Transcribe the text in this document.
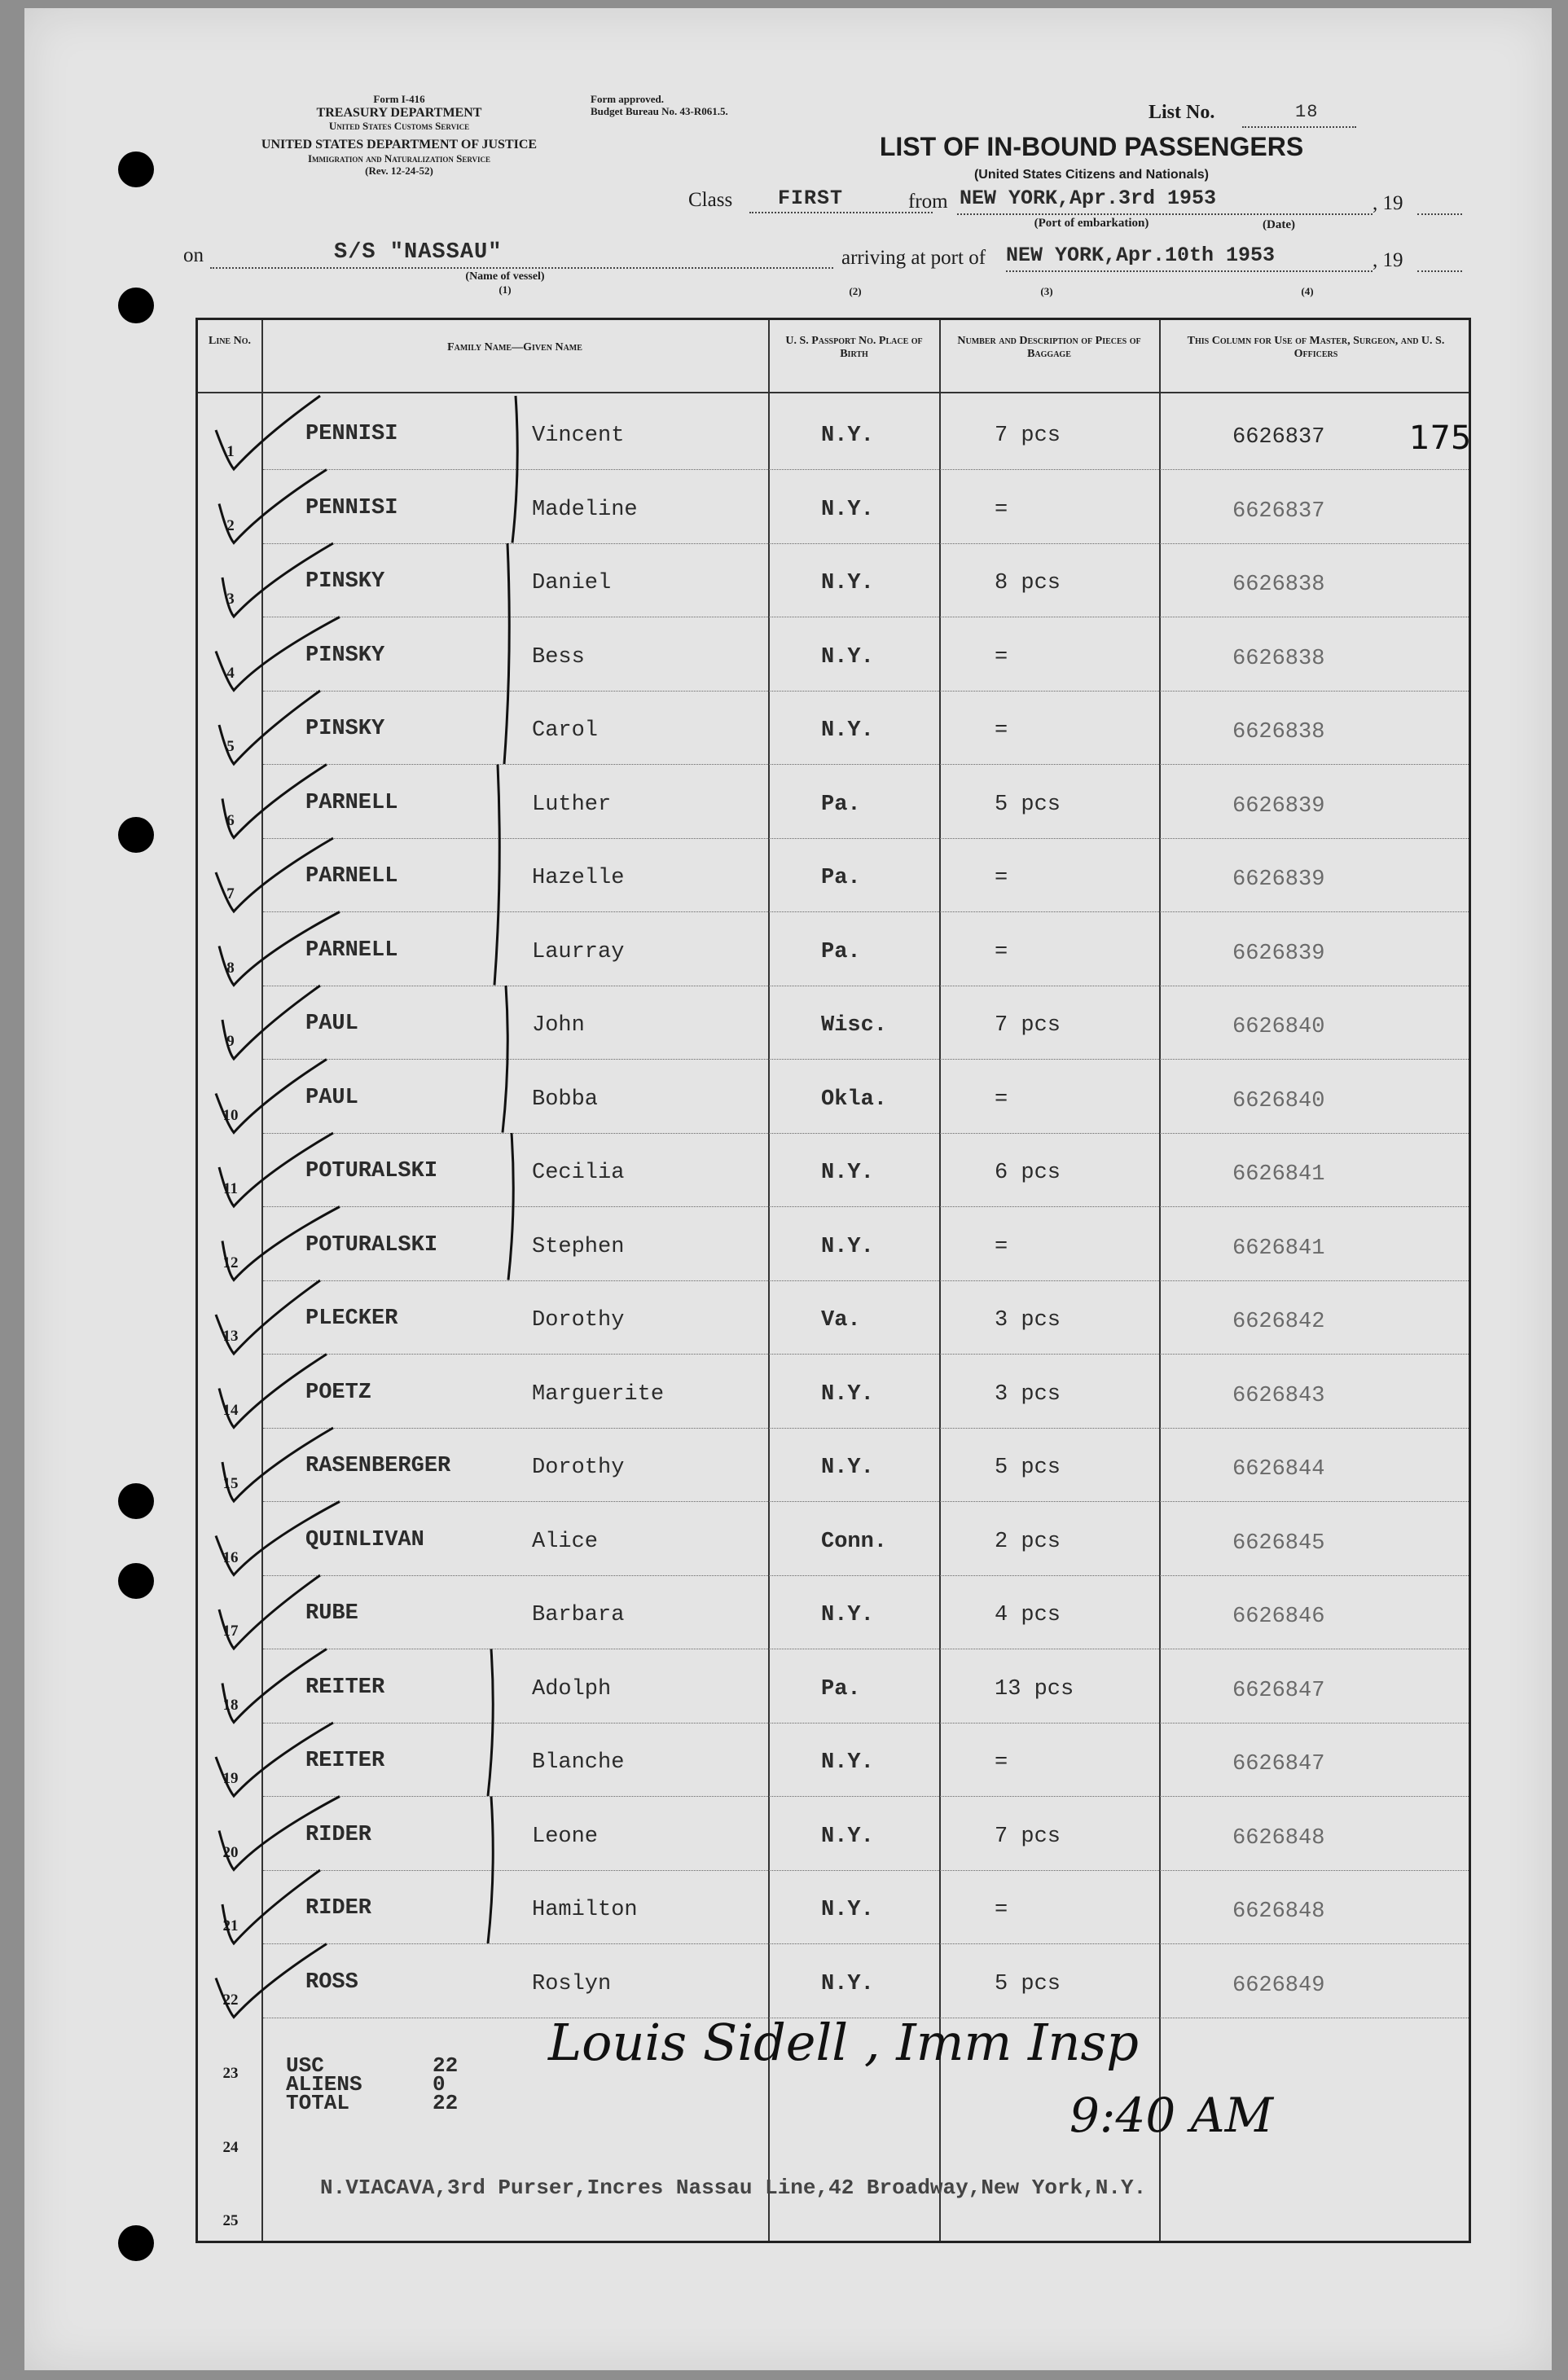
Form I-416
TREASURY DEPARTMENT
United States Customs Service
UNITED STATES DEPARTMENT OF JUSTICE
Immigration and Naturalization Service
(Rev. 12-24-52)
Form approved.
Budget Bureau No. 43-R061.5.	List No.	18
LIST OF IN-BOUND PASSENGERS
(United States Citizens and Nationals)
Class FIRST	from NEW YORK,Apr.3rd 1953	, 19
(Port of embarkation)	(Date)
on	S/S "NASSAU"
(Name of vessel)
(1)
arriving at port of NEW YORK,Apr.10th 1953	, 19
(2)	(3)	(4)
175
Line No.
Family Name—Given Name
U. S. Passport No. Place of Birth
Number and Description of Pieces of Baggage
This Column for Use of Master, Surgeon, and U. S. Officers
1
PENNISI	Vincent	N.Y.	7 pcs	6626837
2
PENNISI	Madeline	N.Y.	=	6626837
3
PINSKY	Daniel	N.Y.	8 pcs	6626838
4
PINSKY	Bess	N.Y.	=	6626838
5
PINSKY	Carol	N.Y.	=	6626838
6
PARNELL	Luther	Pa.	5 pcs	6626839
7
PARNELL	Hazelle	Pa.	=	6626839
8
PARNELL	Laurray	Pa.	=	6626839
9
PAUL	John	Wisc.	7 pcs	6626840
10
PAUL	Bobba	Okla.	=	6626840
11
POTURALSKI	Cecilia	N.Y.	6 pcs	6626841
12
POTURALSKI	Stephen	N.Y.	=	6626841
13
PLECKER	Dorothy	Va.	3 pcs	6626842
14
POETZ	Marguerite	N.Y.	3 pcs	6626843
15
RASENBERGER	Dorothy	N.Y.	5 pcs	6626844
16
QUINLIVAN	Alice	Conn.	2 pcs	6626845
17
RUBE	Barbara	N.Y.	4 pcs	6626846
18
REITER	Adolph	Pa.	13 pcs	6626847
19
REITER	Blanche	N.Y.	=	6626847
20
RIDER	Leone	N.Y.	7 pcs	6626848
21
RIDER	Hamilton	N.Y.	=	6626848
22
ROSS	Roslyn	N.Y.	5 pcs	6626849
23
24
25
USC	22
ALIENS	0
TOTAL	22
Louis Sidell , Imm Insp
9:40 AM
N.VIACAVA,3rd Purser,Incres Nassau Line,42 Broadway,New York,N.Y.
